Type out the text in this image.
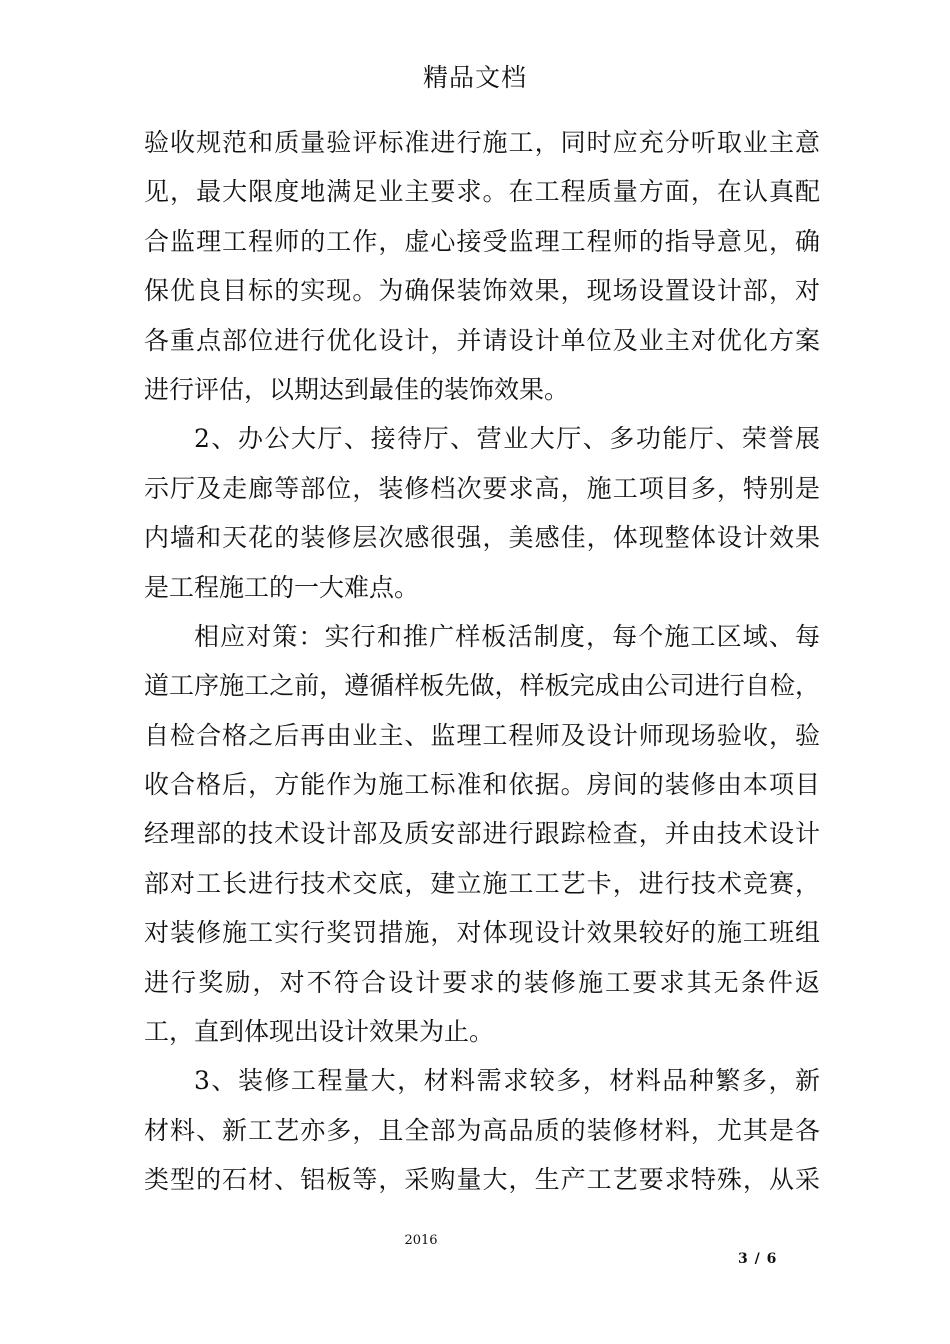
精品文档
验收规范和质量验评标准进行施工，同时应充分听取业主意
见，最大限度地满足业主要求。在工程质量方面，在认真配
合监理工程师的工作，虚心接受监理工程师的指导意见，确
保优良目标的实现。为确保装饰效果，现场设置设计部，对
各重点部位进行优化设计，并请设计单位及业主对优化方案
进行评估，以期达到最佳的装饰效果。
2、办公大厅、接待厅、营业大厅、多功能厅、荣誉展
示厅及走廊等部位，装修档次要求高，施工项目多，特别是
内墙和天花的装修层次感很强，美感佳，体现整体设计效果
是工程施工的一大难点。
相应对策：实行和推广样板活制度，每个施工区域、每
道工序施工之前，遵循样板先做，样板完成由公司进行自检，
自检合格之后再由业主、监理工程师及设计师现场验收，验
收合格后，方能作为施工标准和依据。房间的装修由本项目
经理部的技术设计部及质安部进行跟踪检查，并由技术设计
部对工长进行技术交底，建立施工工艺卡，进行技术竞赛，
对装修施工实行奖罚措施，对体现设计效果较好的施工班组
进行奖励，对不符合设计要求的装修施工要求其无条件返
工，直到体现出设计效果为止。
3、装修工程量大，材料需求较多，材料品种繁多，新
材料、新工艺亦多，且全部为高品质的装修材料，尤其是各
类型的石材、铝板等，采购量大，生产工艺要求特殊，从采
2016
3 / 6
